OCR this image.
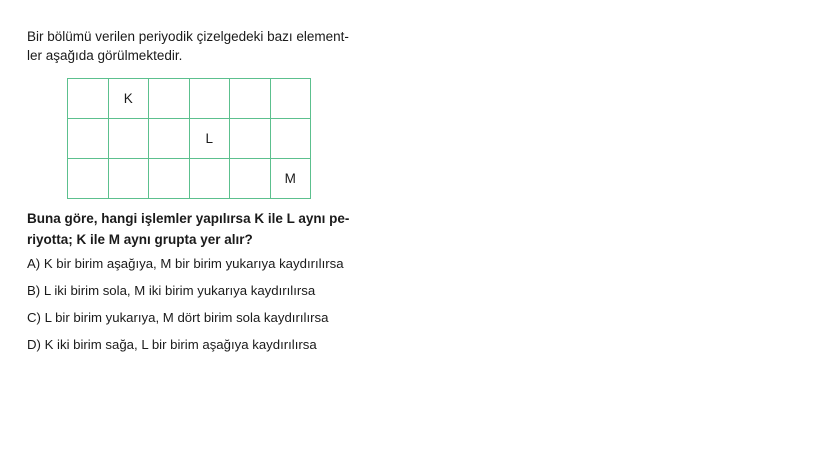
Bir bölümü verilen periyodik çizelgedeki bazı element-
ler aşağıda görülmektedir.
	K				
			L		
					M
Buna göre, hangi işlemler yapılırsa K ile L aynı pe-
riyotta; K ile M aynı grupta yer alır?
A) K bir birim aşağıya, M bir birim yukarıya kaydırılırsa
B) L iki birim sola, M iki birim yukarıya kaydırılırsa
C) L bir birim yukarıya, M dört birim sola kaydırılırsa
D) K iki birim sağa, L bir birim aşağıya kaydırılırsa
